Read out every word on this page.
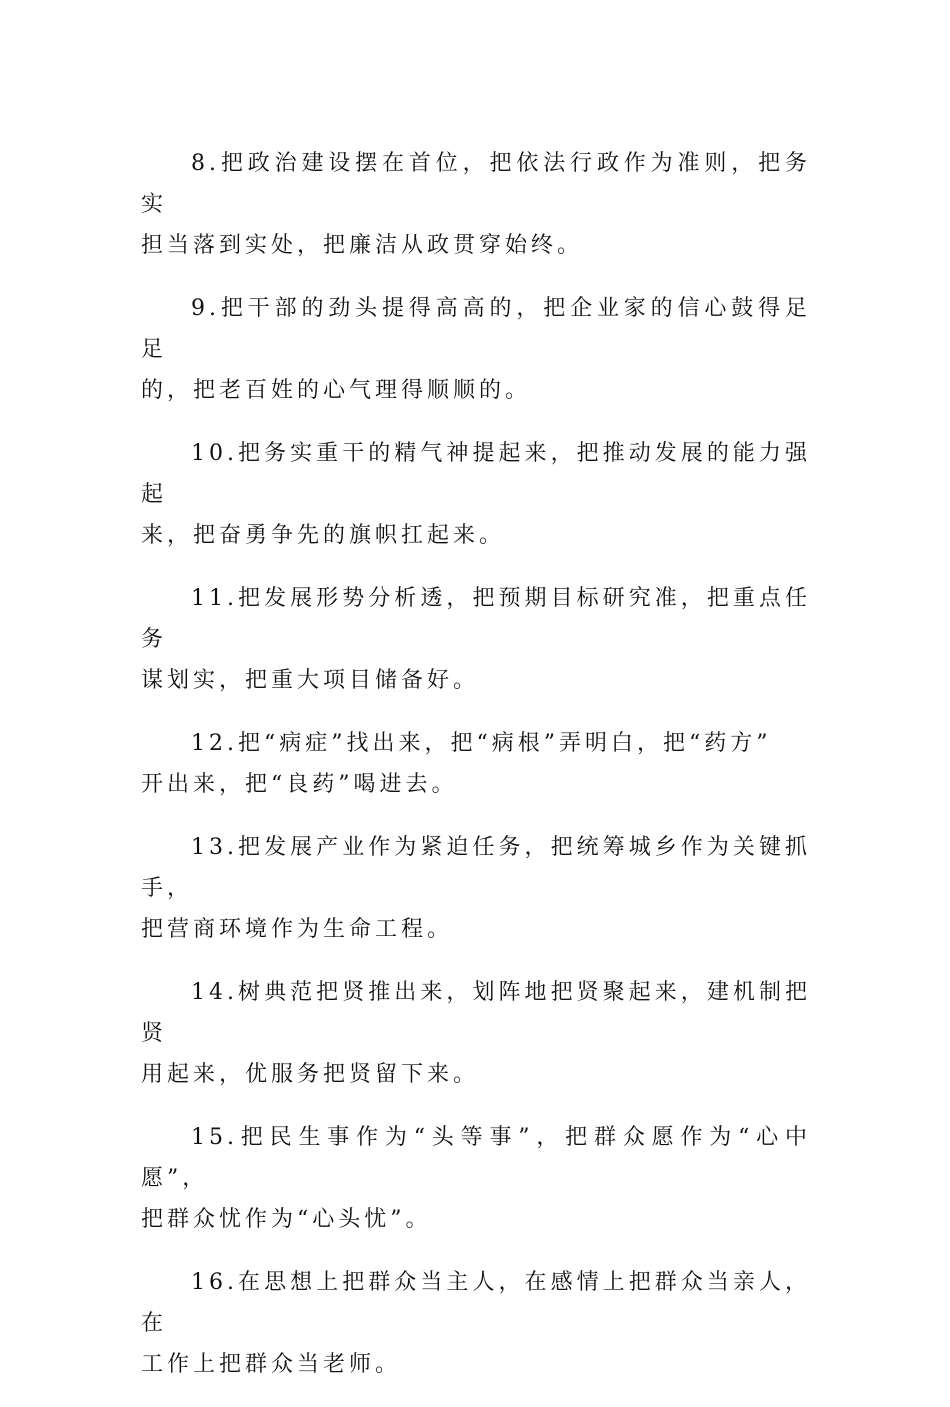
8.把政治建设摆在首位，把依法行政作为准则，把务实
担当落到实处，把廉洁从政贯穿始终。

9.把干部的劲头提得高高的，把企业家的信心鼓得足足
的，把老百姓的心气理得顺顺的。

10.把务实重干的精气神提起来，把推动发展的能力强起
来，把奋勇争先的旗帜扛起来。

11.把发展形势分析透，把预期目标研究准，把重点任务
谋划实，把重大项目储备好。

12.把“病症”找出来，把“病根”弄明白，把“药方”
开出来，把“良药”喝进去。

13.把发展产业作为紧迫任务，把统筹城乡作为关键抓手，
把营商环境作为生命工程。

14.树典范把贤推出来，划阵地把贤聚起来，建机制把贤
用起来，优服务把贤留下来。

15.把民生事作为“头等事”，把群众愿作为“心中愿”，
把群众忧作为“心头忧”。

16.在思想上把群众当主人，在感情上把群众当亲人，在
工作上把群众当老师。
